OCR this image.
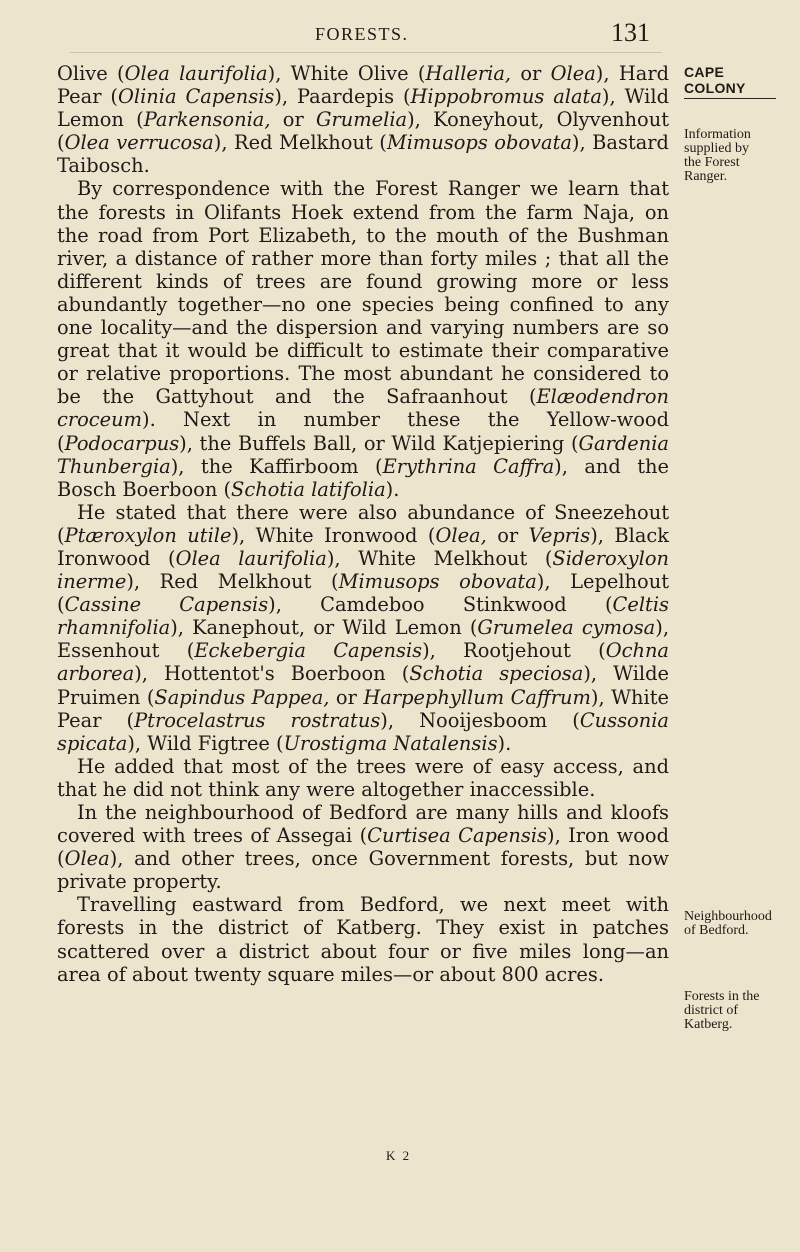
FORESTS.	131
CAPE COLONY
Information supplied by the Forest Ranger.
Neighbourhood of Bedford.
Forests in the district of Katberg.

Olive (Olea laurifolia), White Olive (Halleria, or Olea), Hard Pear (Olinia Capensis), Paardepis (Hippobromus alata), Wild Lemon (Parkensonia, or Grumelia), Koneyhout, Olyvenhout (Olea verrucosa), Red Melkhout (Mimusops obovata), Bastard Taibosch.

By correspondence with the Forest Ranger we learn that the forests in Olifants Hoek extend from the farm Naja, on the road from Port Elizabeth, to the mouth of the Bushman river, a distance of rather more than forty miles ; that all the different kinds of trees are found growing more or less abundantly together—no one species being confined to any one locality—and the dispersion and varying numbers are so great that it would be difficult to estimate their comparative or relative proportions. The most abundant he considered to be the Gattyhout and the Safraanhout (Elæodendron croceum). Next in number these the Yellow-wood (Podocarpus), the Buffels Ball, or Wild Katjepiering (Gardenia Thunbergia), the Kaffirboom (Erythrina Caffra), and the Bosch Boerboon (Schotia latifolia).

He stated that there were also abundance of Sneezehout (Ptæroxylon utile), White Ironwood (Olea, or Vepris), Black Ironwood (Olea laurifolia), White Melkhout (Sideroxylon inerme), Red Melkhout (Mimusops obovata), Lepelhout (Cassine Capensis), Camdeboo Stinkwood (Celtis rhamnifolia), Kanephout, or Wild Lemon (Grumelea cymosa), Essenhout (Eckebergia Capensis), Rootjehout (Ochna arborea), Hottentot's Boerboon (Schotia speciosa), Wilde Pruimen (Sapindus Pappea, or Harpephyllum Caffrum), White Pear (Ptrocelastrus rostratus), Nooijesboom (Cussonia spicata), Wild Figtree (Urostigma Natalensis).

He added that most of the trees were of easy access, and that he did not think any were altogether inaccessible.

In the neighbourhood of Bedford are many hills and kloofs covered with trees of Assegai (Curtisea Capensis), Iron wood (Olea), and other trees, once Government forests, but now private property.

Travelling eastward from Bedford, we next meet with forests in the district of Katberg. They exist in patches scattered over a district about four or five miles long—an area of about twenty square miles—or about 800 acres.

K 2
